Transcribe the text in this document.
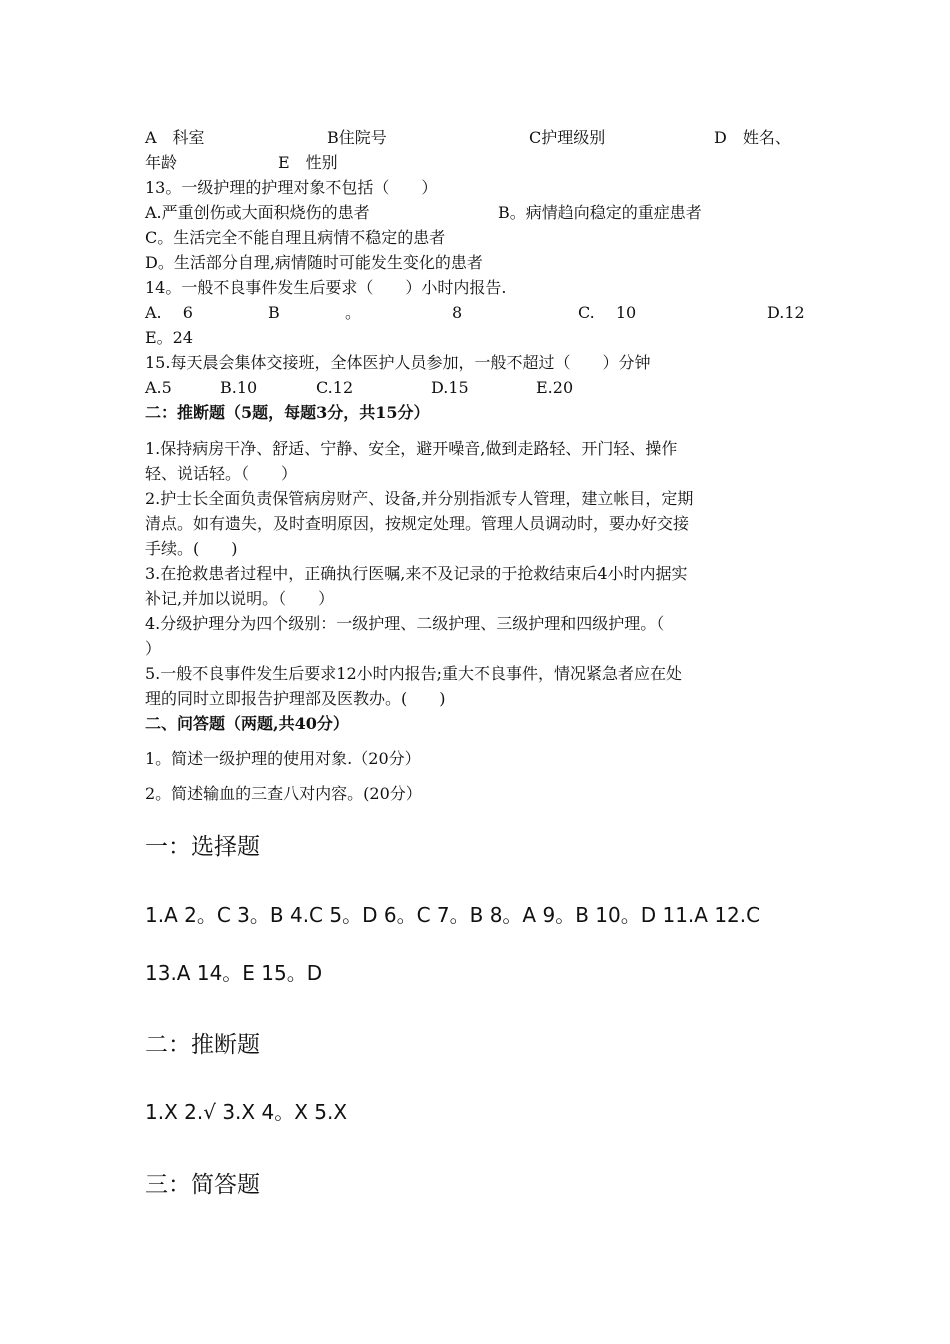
A　科室	B住院号	C护理级别	D　姓名、
年龄	E　性别
13。一级护理的护理对象不包括（　　）
A.严重创伤或大面积烧伤的患者	B。病情趋向稳定的重症患者
C。生活完全不能自理且病情不稳定的患者
D。生活部分自理,病情随时可能发生变化的患者
14。一般不良事件发生后要求（　　）小时内报告.
A.　 6	B	。	8	C.　 10	D.12
E。24
15.每天晨会集体交接班，全体医护人员参加，一般不超过（　　）分钟
A.5	B.10	C.12	D.15	E.20
二：推断题（5题，每题3分，共15分）
1.保持病房干净、舒适、宁静、安全，避开噪音,做到走路轻、开门轻、操作
轻、说话轻。（　　）
2.护士长全面负责保管病房财产、设备,并分别指派专人管理，建立帐目，定期
清点。如有遗失，及时查明原因，按规定处理。管理人员调动时，要办好交接
手续。(　　)
3.在抢救患者过程中，正确执行医嘱,来不及记录的于抢救结束后4小时内据实
补记,并加以说明。（　　）
4.分级护理分为四个级别：一级护理、二级护理、三级护理和四级护理。（
）
5.一般不良事件发生后要求12小时内报告;重大不良事件，情况紧急者应在处
理的同时立即报告护理部及医教办。(　　)
二、问答题（两题,共40分）
1。简述一级护理的使用对象.（20分）
2。简述输血的三查八对内容。(20分）
一：选择题
1.A 2。C 3。B 4.C 5。D 6。C 7。B 8。A 9。B 10。D 11.A 12.C
13.A 14。E 15。D
二：推断题
1.X 2.√ 3.X 4。X 5.X
三：简答题
